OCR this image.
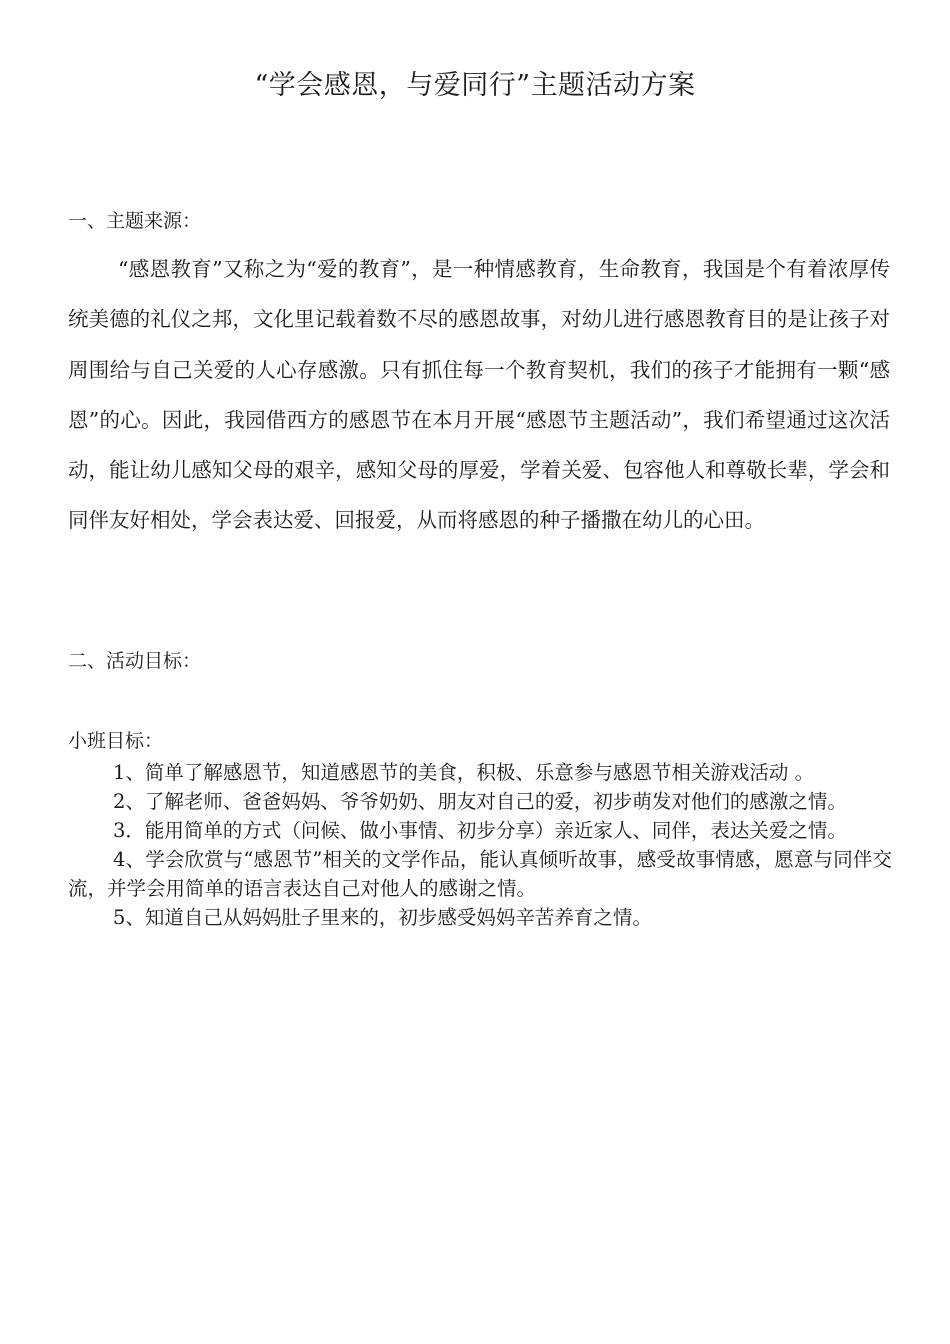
“学会感恩，与爱同行”主题活动方案
一、主题来源：

“感恩教育”又称之为“爱的教育”，是一种情感教育，生命教育，我国是个有着浓厚传统美德的礼仪之邦，文化里记载着数不尽的感恩故事，对幼儿进行感恩教育目的是让孩子对周围给与自己关爱的人心存感激。只有抓住每一个教育契机，我们的孩子才能拥有一颗“感恩”的心。因此，我园借西方的感恩节在本月开展“感恩节主题活动”，我们希望通过这次活动，能让幼儿感知父母的艰辛，感知父母的厚爱，学着关爱、包容他人和尊敬长辈，学会和同伴友好相处，学会表达爱、回报爱，从而将感恩的种子播撒在幼儿的心田。

二、活动目标：
小班目标：
1、简单了解感恩节，知道感恩节的美食，积极、乐意参与感恩节相关游戏活动 。
2、了解老师、爸爸妈妈、爷爷奶奶、朋友对自己的爱，初步萌发对他们的感激之情。
3．能用简单的方式（问候、做小事情、初步分享）亲近家人、同伴，表达关爱之情。
4、学会欣赏与“感恩节”相关的文学作品，能认真倾听故事，感受故事情感，愿意与同伴交流，并学会用简单的语言表达自己对他人的感谢之情。
5、知道自己从妈妈肚子里来的，初步感受妈妈辛苦养育之情。
